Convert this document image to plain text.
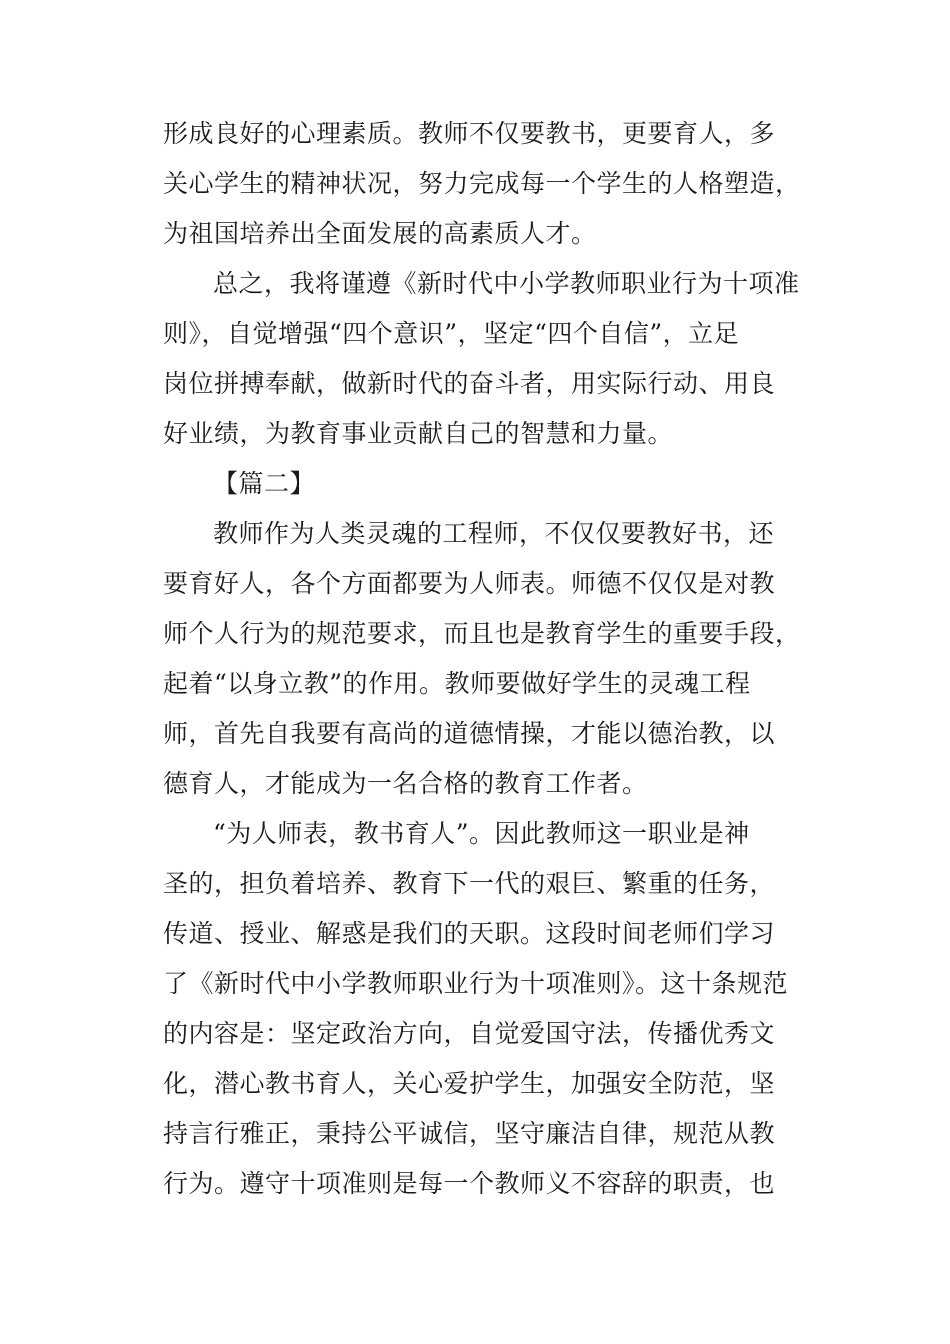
形成良好的心理素质。教师不仅要教书，更要育人，多
关心学生的精神状况，努力完成每一个学生的人格塑造，
为祖国培养出全面发展的高素质人才。
总之，我将谨遵《新时代中小学教师职业行为十项准
则》，自觉增强“四个意识”，坚定“四个自信”，立足
岗位拼搏奉献，做新时代的奋斗者，用实际行动、用良
好业绩，为教育事业贡献自己的智慧和力量。
【篇二】
教师作为人类灵魂的工程师，不仅仅要教好书，还
要育好人，各个方面都要为人师表。师德不仅仅是对教
师个人行为的规范要求，而且也是教育学生的重要手段，
起着“以身立教”的作用。教师要做好学生的灵魂工程
师，首先自我要有高尚的道德情操，才能以德治教，以
德育人，才能成为一名合格的教育工作者。
“为人师表，教书育人”。因此教师这一职业是神
圣的，担负着培养、教育下一代的艰巨、繁重的任务，
传道、授业、解惑是我们的天职。这段时间老师们学习
了《新时代中小学教师职业行为十项准则》。这十条规范
的内容是：坚定政治方向，自觉爱国守法，传播优秀文
化，潜心教书育人，关心爱护学生，加强安全防范，坚
持言行雅正，秉持公平诚信，坚守廉洁自律，规范从教
行为。遵守十项准则是每一个教师义不容辞的职责，也
